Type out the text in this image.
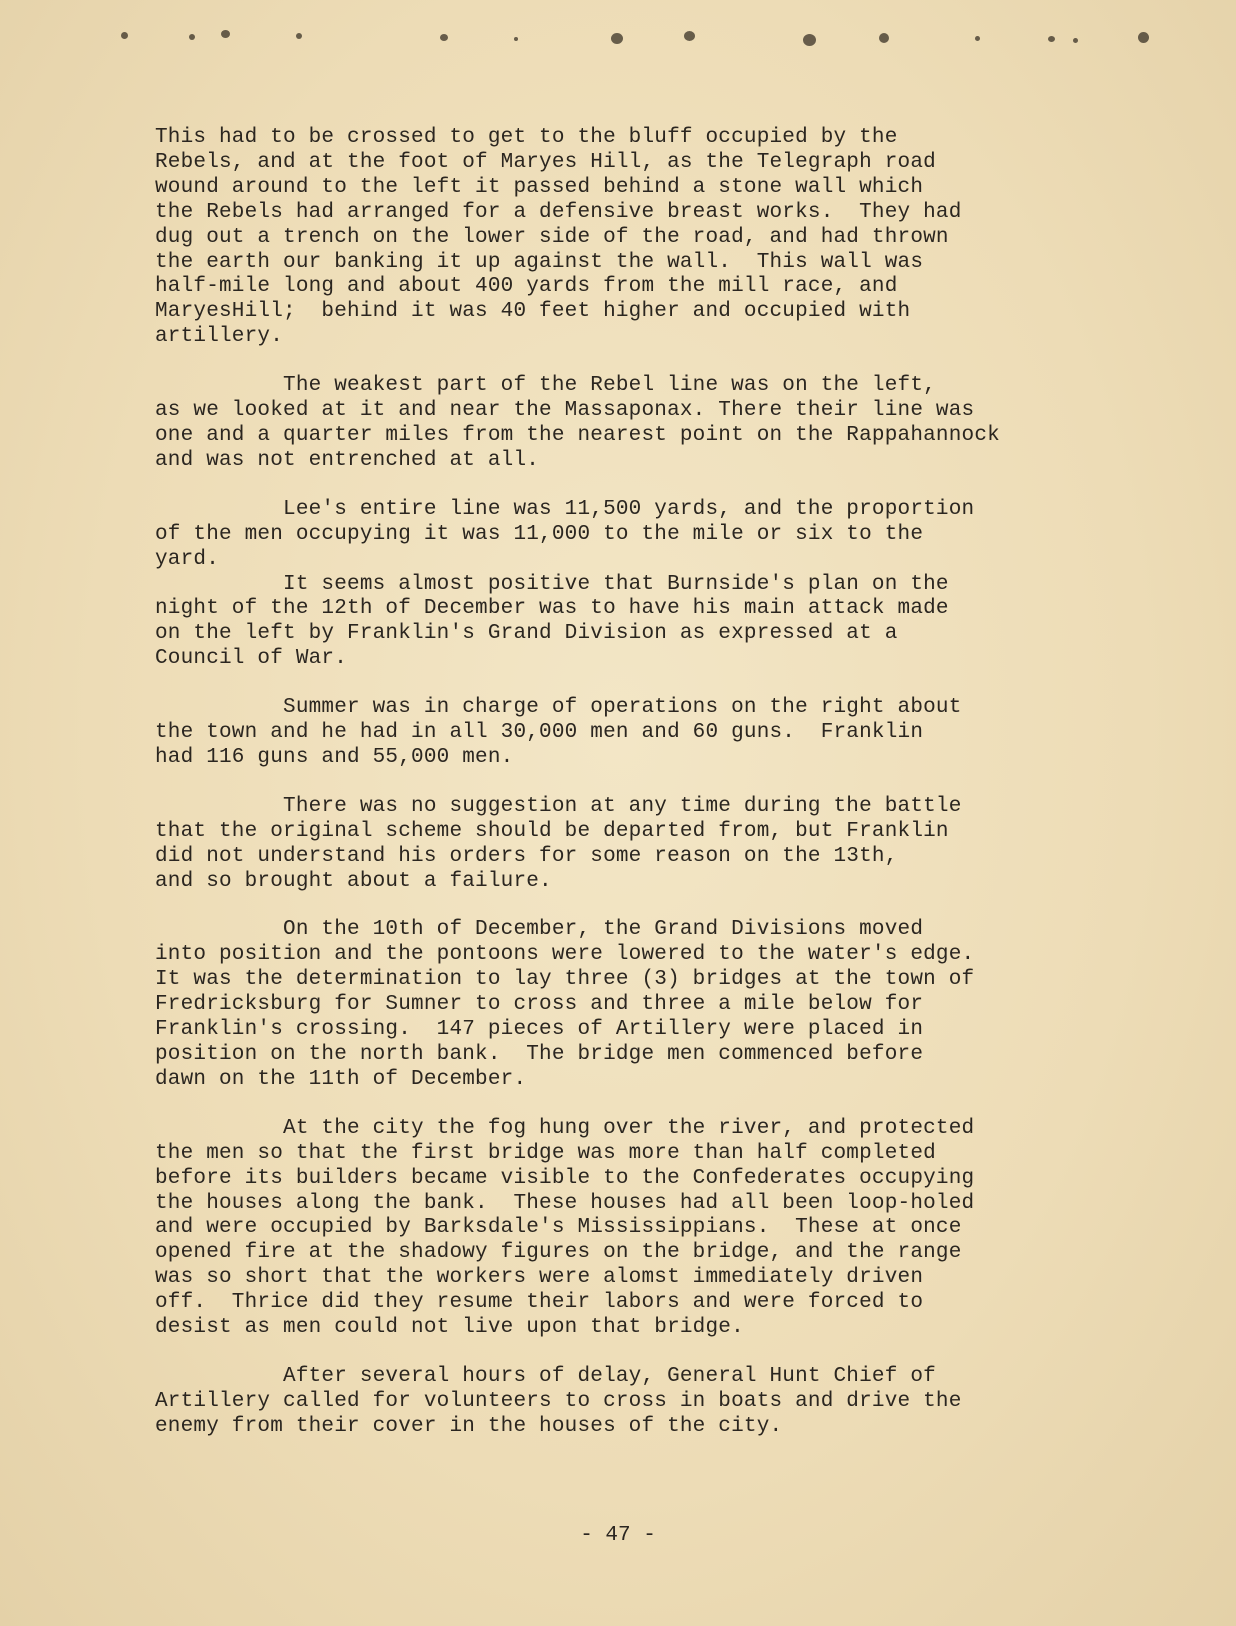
This had to be crossed to get to the bluff occupied by the
Rebels, and at the foot of Maryes Hill, as the Telegraph road
wound around to the left it passed behind a stone wall which
the Rebels had arranged for a defensive breast works.  They had
dug out a trench on the lower side of the road, and had thrown
the earth our banking it up against the wall.  This wall was
half-mile long and about 400 yards from the mill race, and
MaryesHill;  behind it was 40 feet higher and occupied with
artillery.
The weakest part of the Rebel line was on the left,
as we looked at it and near the Massaponax. There their line was
one and a quarter miles from the nearest point on the Rappahannock
and was not entrenched at all.
Lee's entire line was 11,500 yards, and the proportion
of the men occupying it was 11,000 to the mile or six to the
yard.
It seems almost positive that Burnside's plan on the
night of the 12th of December was to have his main attack made
on the left by Franklin's Grand Division as expressed at a
Council of War.
Summer was in charge of operations on the right about
the town and he had in all 30,000 men and 60 guns.  Franklin
had 116 guns and 55,000 men.
There was no suggestion at any time during the battle
that the original scheme should be departed from, but Franklin
did not understand his orders for some reason on the 13th,
and so brought about a failure.
On the 10th of December, the Grand Divisions moved
into position and the pontoons were lowered to the water's edge.
It was the determination to lay three (3) bridges at the town of
Fredricksburg for Sumner to cross and three a mile below for
Franklin's crossing.  147 pieces of Artillery were placed in
position on the north bank.  The bridge men commenced before
dawn on the 11th of December.
At the city the fog hung over the river, and protected
the men so that the first bridge was more than half completed
before its builders became visible to the Confederates occupying
the houses along the bank.  These houses had all been loop-holed
and were occupied by Barksdale's Mississippians.  These at once
opened fire at the shadowy figures on the bridge, and the range
was so short that the workers were alomst immediately driven
off.  Thrice did they resume their labors and were forced to
desist as men could not live upon that bridge.
After several hours of delay, General Hunt Chief of
Artillery called for volunteers to cross in boats and drive the
enemy from their cover in the houses of the city.
- 47 -
